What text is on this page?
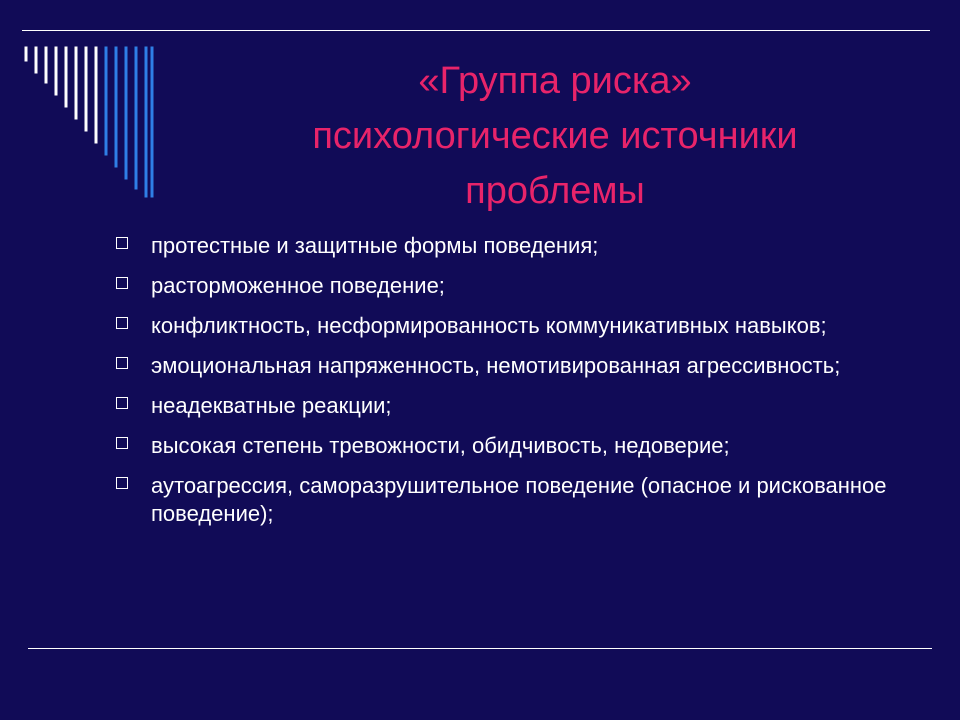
«Группа риска»
психологические источники
проблемы
протестные и защитные формы поведения;
расторможенное поведение;
конфликтность, несформированность коммуникативных навыков;
эмоциональная напряженность, немотивированная агрессивность;
неадекватные реакции;
высокая степень тревожности, обидчивость, недоверие;
аутоагрессия, саморазрушительное поведение (опасное и рискованное поведение);
